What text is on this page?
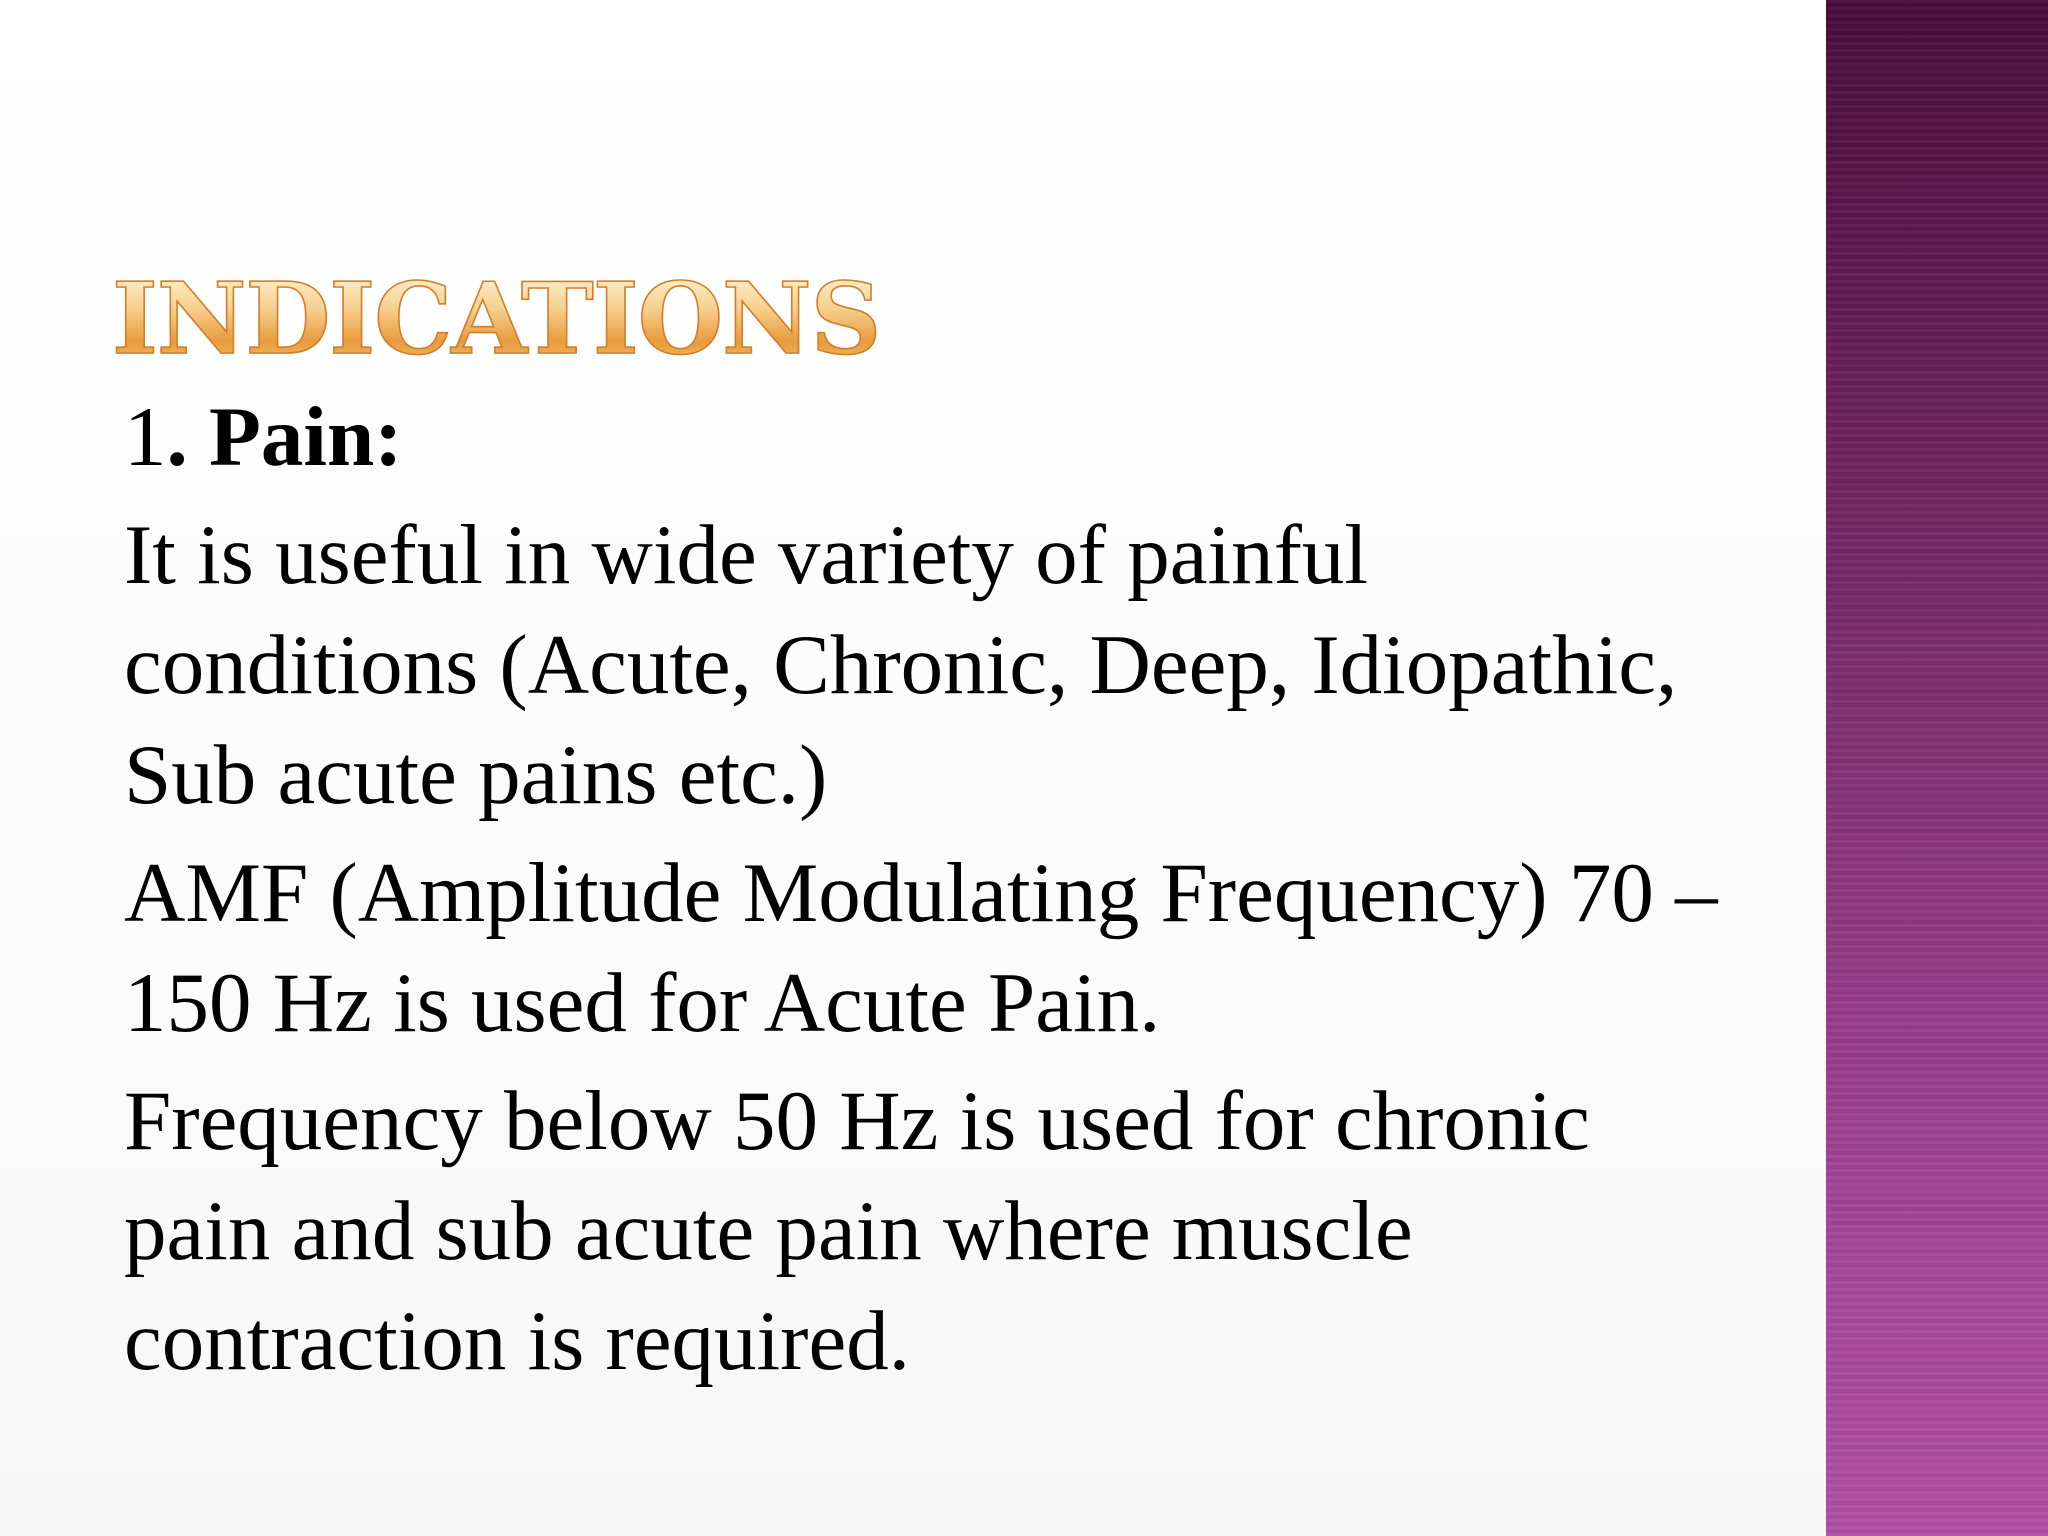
INDICATIONS

1. Pain:

It is useful in wide variety of painful conditions (Acute, Chronic, Deep, Idiopathic, Sub acute pains etc.)

AMF (Amplitude Modulating Frequency) 70 – 150 Hz is used for Acute Pain.

Frequency below 50 Hz is used for chronic pain and sub acute pain where muscle contraction is required.
